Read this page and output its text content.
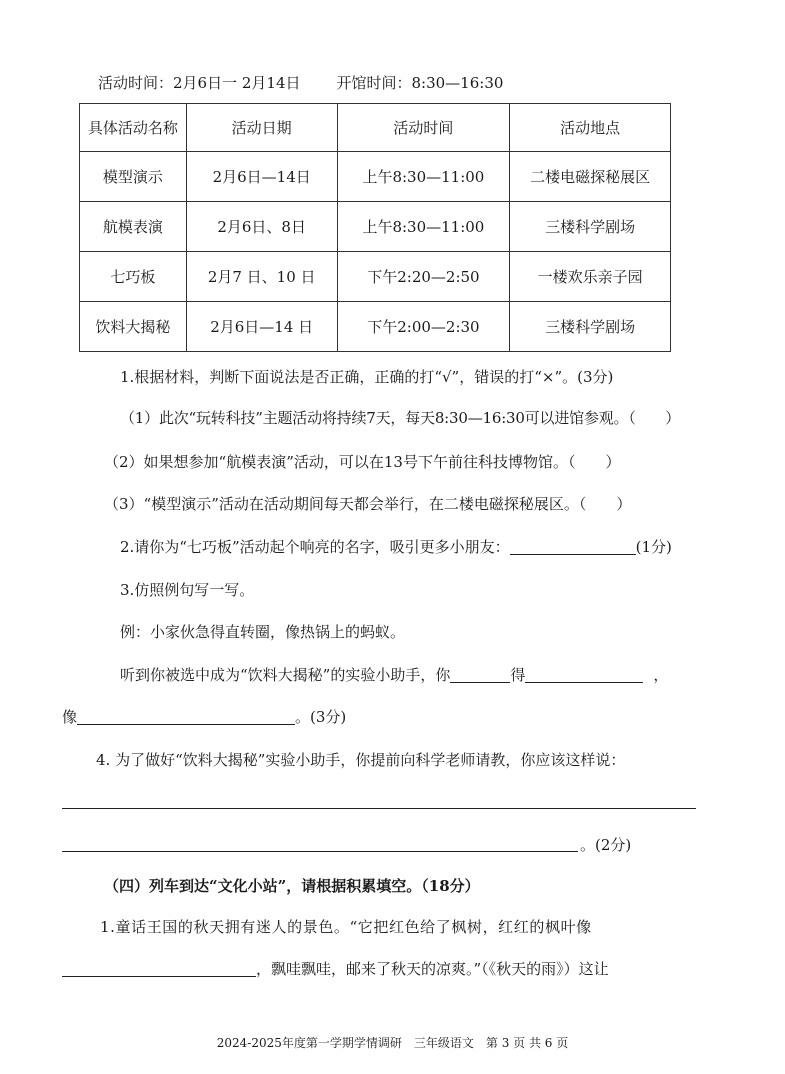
活动时间：2月6日一 2月14日 开馆时间：8:30—16:30
具体活动名称	活动日期	活动时间	活动地点
模型演示	2月6日—14日	上午8:30—11:00	二楼电磁探秘展区
航模表演	2月6日、8日	上午8:30—11:00	三楼科学剧场
七巧板	2月7 日、10 日	下午2:20—2:50	一楼欢乐亲子园
饮料大揭秘	2月6日—14 日	下午2:00—2:30	三楼科学剧场
1.根据材料，判断下面说法是否正确，正确的打“√”，错误的打“×”。(3分)
（1）此次“玩转科技”主题活动将持续7天，每天8:30—16:30可以进馆参观。（　　）
（2）如果想参加“航模表演”活动，可以在13号下午前往科技博物馆。（　　）
（3）“模型演示”活动在活动期间每天都会举行，在二楼电磁探秘展区。（　　）
2.请你为“七巧板”活动起个响亮的名字，吸引更多小朋友：	(1分)
3.仿照例句写一写。
例：小家伙急得直转圈，像热锅上的蚂蚁。
听到你被选中成为“饮料大揭秘”的实验小助手，你	得	，
像	。(3分)
4. 为了做好“饮料大揭秘”实验小助手，你提前向科学老师请教，你应该这样说：
。(2分)
（四）列车到达“文化小站”，请根据积累填空。（18分）
1.童话王国的秋天拥有迷人的景色。“它把红色给了枫树，红红的枫叶像
，飘哇飘哇，邮来了秋天的凉爽。”（《秋天的雨》）这让
2024-2025年度第一学期学情调研　三年级语文　第 3 页 共 6 页
